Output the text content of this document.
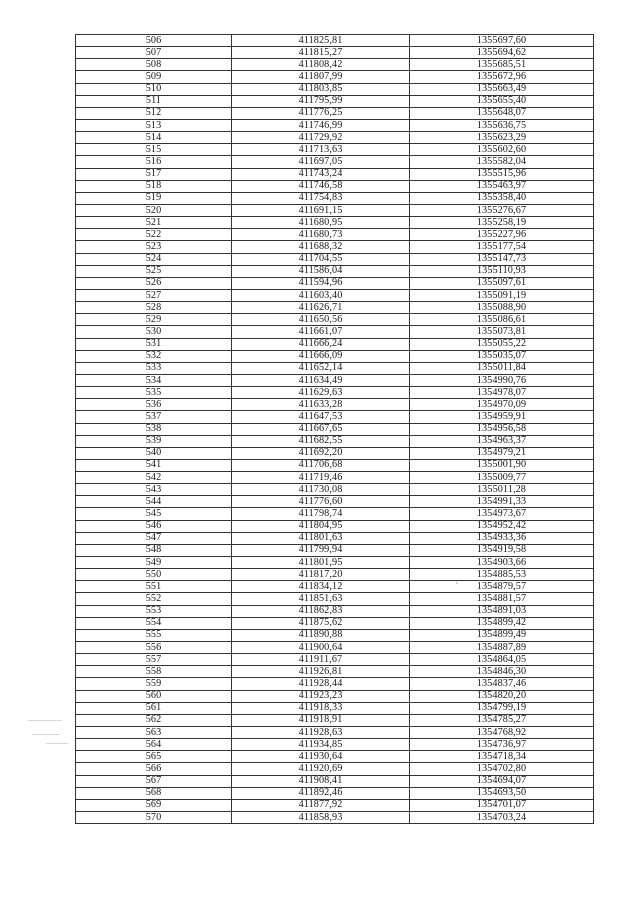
506	411825,81	1355697,60
507	411815,27	1355694,62
508	411808,42	1355685,51
509	411807,99	1355672,96
510	411803,85	1355663,49
511	411795,99	1355655,40
512	411776,25	1355648,07
513	411746,99	1355636,75
514	411729,92	1355623,29
515	411713,63	1355602,60
516	411697,05	1355582,04
517	411743,24	1355515,96
518	411746,58	1355463,97
519	411754,83	1355358,40
520	411691,15	1355276,67
521	411680,95	1355258,19
522	411680,73	1355227,96
523	411688,32	1355177,54
524	411704,55	1355147,73
525	411586,04	1355110,93
526	411594,96	1355097,61
527	411603,40	1355091,19
528	411626,71	1355088,90
529	411650,56	1355086,61
530	411661,07	1355073,81
531	411666,24	1355055,22
532	411666,09	1355035,07
533	411652,14	1355011,84
534	411634,49	1354990,76
535	411629,63	1354978,07
536	411633,28	1354970,09
537	411647,53	1354959,91
538	411667,65	1354956,58
539	411682,55	1354963,37
540	411692,20	1354979,21
541	411706,68	1355001,90
542	411719,46	1355009,77
543	411730,08	1355011,28
544	411776,60	1354991,33
545	411798,74	1354973,67
546	411804,95	1354952,42
547	411801,63	1354933,36
548	411799,94	1354919,58
549	411801,95	1354903,66
550	411817,20	1354885,53
551	411834,12	1354879,57
552	411851,63	1354881,57
553	411862,83	1354891,03
554	411875,62	1354899,42
555	411890,88	1354899,49
556	411900,64	1354887,89
557	411911,67	1354864,05
558	411926,81	1354846,30
559	411928,44	1354837,46
560	411923,23	1354820,20
561	411918,33	1354799,19
562	411918,91	1354785,27
563	411928,63	1354768,92
564	411934,85	1354736,97
565	411930,64	1354718,34
566	411920,69	1354702,80
567	411908,41	1354694,07
568	411892,46	1354693,50
569	411877,92	1354701,07
570	411858,93	1354703,24
